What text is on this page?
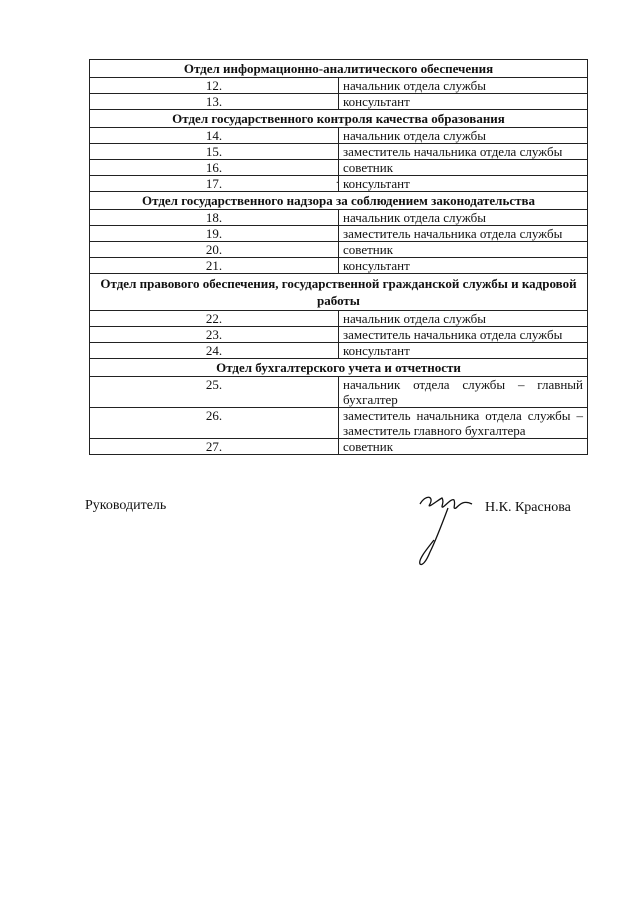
Отдел информационно-аналитического обеспечения	
12.	начальник отдела службы
13.	консультант
Отдел государственного контроля качества образования	
14.	начальник отдела службы
15.	заместитель начальника отдела службы
16.	советник
17.	консультант
Отдел государственного надзора за соблюдением законодательства	
18.	начальник отдела службы
19.	заместитель начальника отдела службы
20.	советник
21.	консультант
Отдел правового обеспечения, государственной гражданской службы и кадровой работы	
22.	начальник отдела службы
23.	заместитель начальника отдела службы
24.	консультант
Отдел бухгалтерского учета и отчетности	
25.	начальник отдела службы – главный бухгалтер
26.	заместитель начальника отдела службы – заместитель главного бухгалтера
27.	советник
.
Руководитель	Н.К. Краснова
